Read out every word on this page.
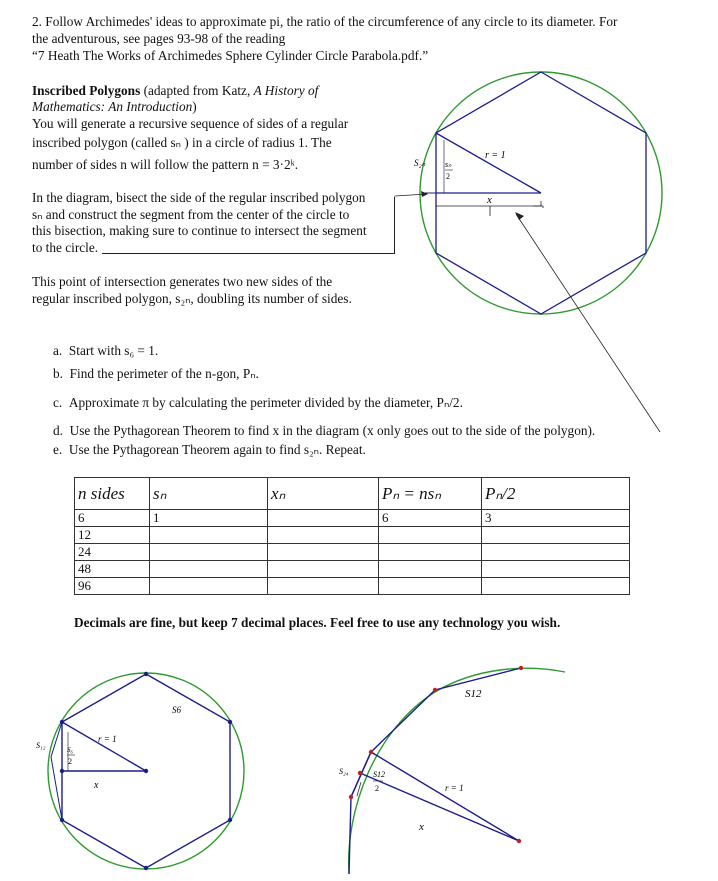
2. Follow Archimedes' ideas to approximate pi, the ratio of the circumference of any circle to its diameter. For
the adventurous, see pages 93-98 of the reading
“7 Heath The Works of Archimedes Sphere Cylinder Circle Parabola.pdf.”
Inscribed Polygons (adapted from Katz, A History of
Mathematics: An Introduction)
You will generate a recursive sequence of sides of a regular
inscribed polygon (called sₙ ) in a circle of radius 1. The
number of sides n will follow the pattern n = 3·2ᵏ.
In the diagram, bisect the side of the regular inscribed polygon
sₙ and construct the segment from the center of the circle to
this bisection, making sure to continue to intersect the segment
to the circle.
This point of intersection generates two new sides of the
regular inscribed polygon, s₂ₙ, doubling its number of sides.
a. Start with s₆ = 1.
b. Find the perimeter of the n-gon, Pₙ.
c. Approximate π by calculating the perimeter divided by the diameter, Pₙ/2.
d. Use the Pythagorean Theorem to find x in the diagram (x only goes out to the side of the polygon).
e. Use the Pythagorean Theorem again to find s₂ₙ. Repeat.
n sides	sₙ	xₙ	Pₙ = nsₙ	Pₙ/2
6	1		6	3
12				
24				
48				
96				
Decimals are fine, but keep 7 decimal places. Feel free to use any technology you wish.
r = 1
x
S₂ₙ sₙ
2
S6
r = 1
x
S₁₂	S₆
2
S12
S₂₄	S12
2	r = 1
x
